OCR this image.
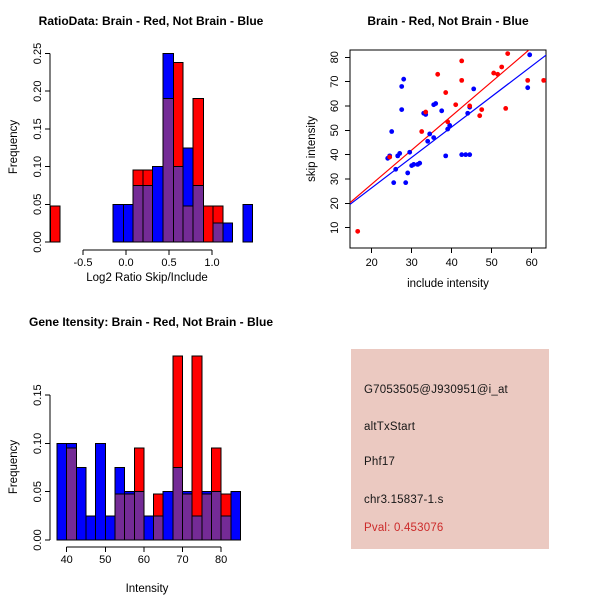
RatioData: Brain - Red, Not Brain - Blue	Brain - Red, Not Brain - Blue
Gene Itensity: Brain - Red, Not Brain - Blue
Log2 Ratio Skip/Include
Frequency
include intensity
skip intensity
Intensity
Frequency
0.00
0.05
0.10
0.15
0.20
0.25
-0.5 0.0	0.5	1.0	20	30	40	50	60
10
20
30
40
50
60
70
80
0.00
0.05
0.10
0.15
40 50 60 70 80
G7053505@J930951@i_at
altTxStart
Phf17
chr3.15837-1.s
Pval: 0.453076
